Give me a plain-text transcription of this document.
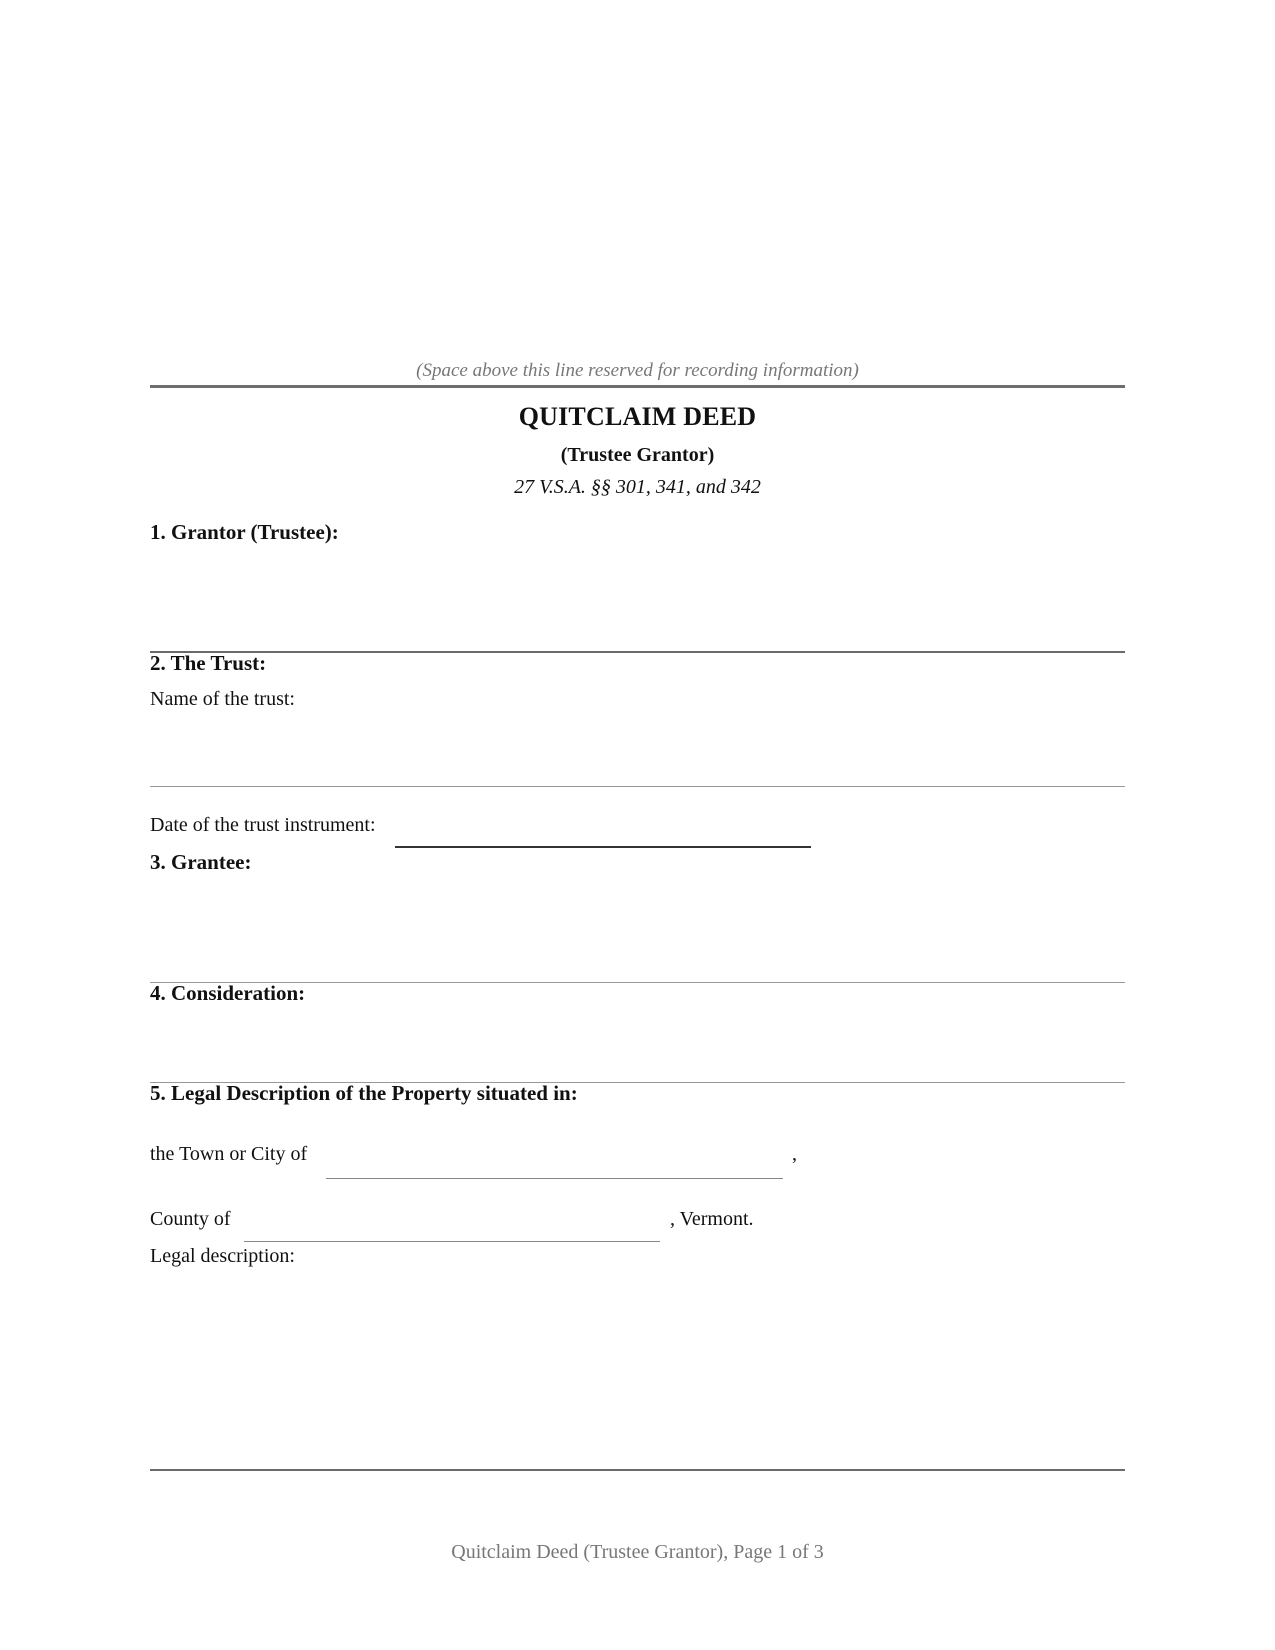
(Space above this line reserved for recording information)
QUITCLAIM DEED
(Trustee Grantor)
27 V.S.A. §§ 301, 341, and 342
1. Grantor (Trustee):
2. The Trust:
Name of the trust:
Date of the trust instrument:
3. Grantee:
4. Consideration:
5. Legal Description of the Property situated in:
the Town or City of	,
County of	, Vermont.
Legal description:
Quitclaim Deed (Trustee Grantor), Page 1 of 3
